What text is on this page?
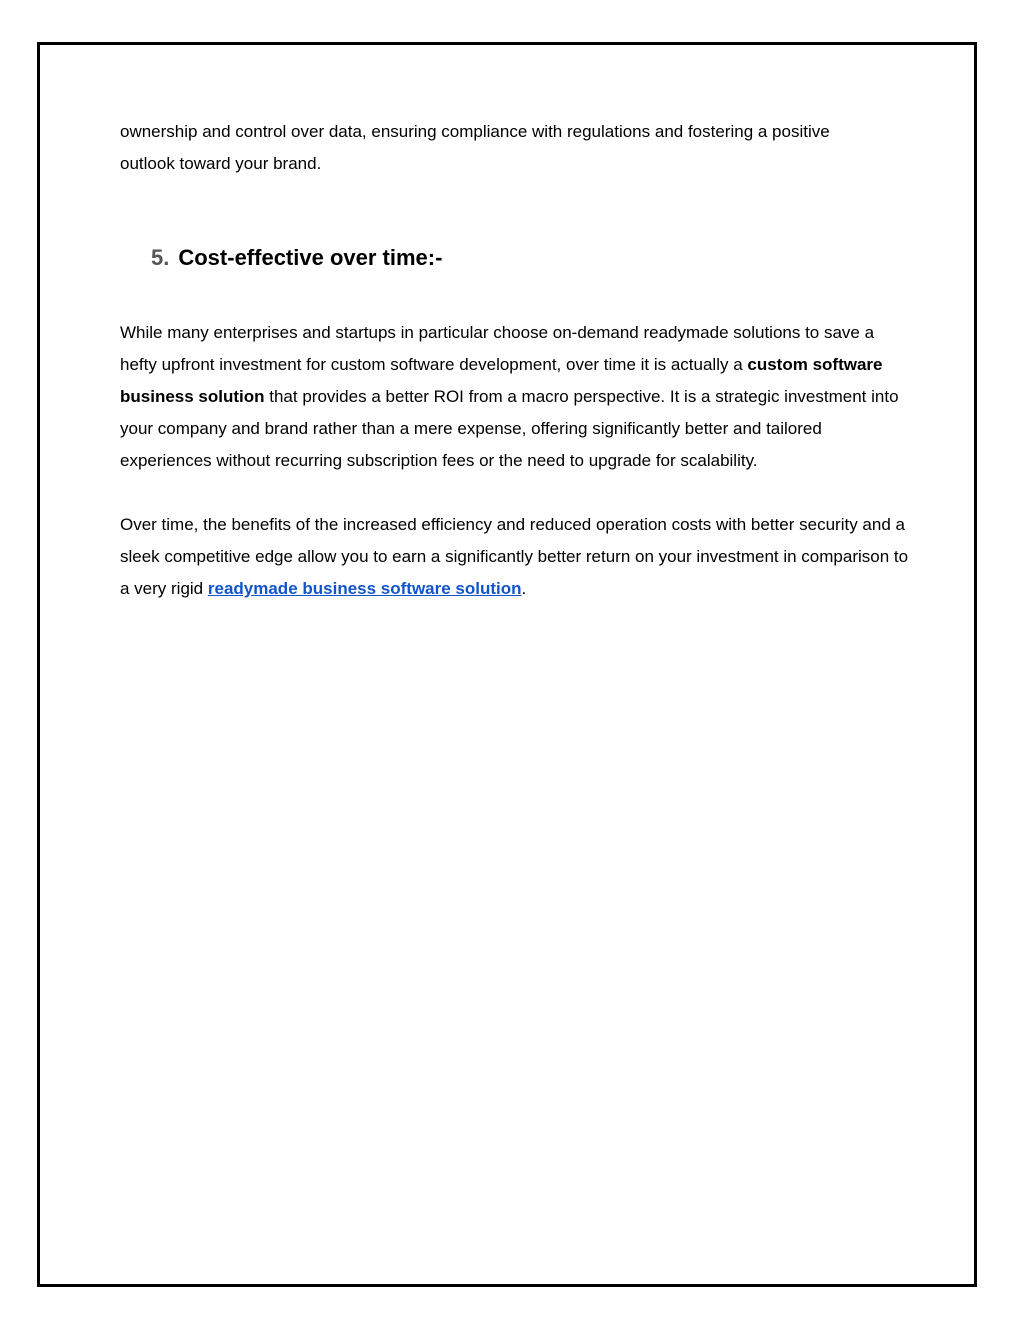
ownership and control over data, ensuring compliance with regulations and fostering a positive
outlook toward your brand.

5. Cost-effective over time:-

While many enterprises and startups in particular choose on-demand readymade solutions to save a hefty upfront investment for custom software development, over time it is actually a custom software business solution that provides a better ROI from a macro perspective. It is a strategic investment into your company and brand rather than a mere expense, offering significantly better and tailored experiences without recurring subscription fees or the need to upgrade for scalability.

Over time, the benefits of the increased efficiency and reduced operation costs with better security and a sleek competitive edge allow you to earn a significantly better return on your investment in comparison to a very rigid readymade business software solution.
